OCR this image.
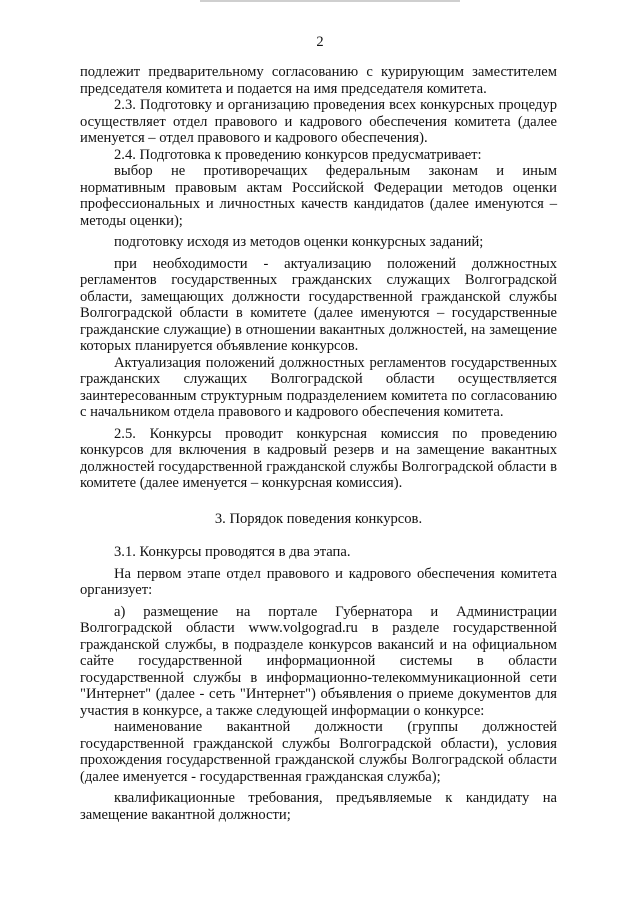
2

подлежит предварительному согласованию с курирующим заместителем председателя комитета и подается на имя председателя комитета.

2.3. Подготовку и организацию проведения всех конкурсных процедур осуществляет отдел правового и кадрового обеспечения комитета (далее именуется – отдел правового и кадрового обеспечения).

2.4. Подготовка к проведению конкурсов предусматривает:

выбор не противоречащих федеральным законам и иным нормативным правовым актам Российской Федерации методов оценки профессиональных и личностных качеств кандидатов (далее именуются – методы оценки);

подготовку исходя из методов оценки конкурсных заданий;

при необходимости - актуализацию положений должностных регламентов государственных гражданских служащих Волгоградской области, замещающих должности государственной гражданской службы Волгоградской области в комитете (далее именуются – государственные гражданские служащие) в отношении вакантных должностей, на замещение которых планируется объявление конкурсов.

Актуализация положений должностных регламентов государственных гражданских служащих Волгоградской области осуществляется заинтересованным структурным подразделением комитета по согласованию с начальником отдела правового и кадрового обеспечения комитета.

2.5. Конкурсы проводит конкурсная комиссия по проведению конкурсов для включения в кадровый резерв и на замещение вакантных должностей государственной гражданской службы Волгоградской области в комитете (далее именуется – конкурсная комиссия).

3. Порядок поведения конкурсов.

3.1. Конкурсы проводятся в два этапа.

На первом этапе отдел правового и кадрового обеспечения комитета организует:

а) размещение на портале Губернатора и Администрации Волгоградской области www.volgograd.ru в разделе государственной гражданской службы, в подразделе конкурсов вакансий и на официальном сайте государственной информационной системы в области государственной службы в информационно-телекоммуникационной сети "Интернет" (далее - сеть "Интернет") объявления о приеме документов для участия в конкурсе, а также следующей информации о конкурсе:

наименование вакантной должности (группы должностей государственной гражданской службы Волгоградской области), условия прохождения государственной гражданской службы Волгоградской области (далее именуется - государственная гражданская служба);

квалификационные требования, предъявляемые к кандидату на замещение вакантной должности;
